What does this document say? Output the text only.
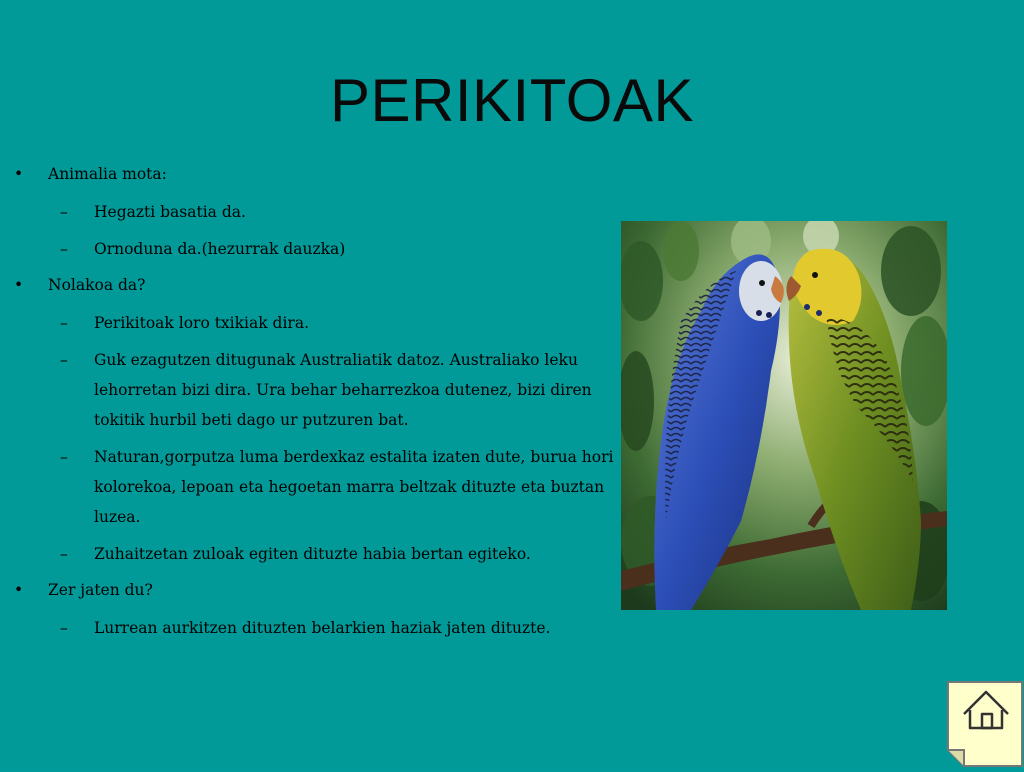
PERIKITOAK
•	Animalia mota:
– Hegazti basatia da.
– Ornoduna da.(hezurrak dauzka)
•	Nolakoa da?
– Perikitoak loro txikiak dira.
– Guk ezagutzen ditugunak Australiatik datoz. Australiako leku lehorretan bizi dira. Ura behar beharrezkoa dutenez, bizi diren tokitik hurbil beti dago ur putzuren bat.
– Naturan,gorputza luma berdexkaz estalita izaten dute, burua hori kolorekoa, lepoan eta hegoetan marra beltzak dituzte eta buztan luzea.
– Zuhaitzetan zuloak egiten dituzte habia bertan egiteko.
•	Zer jaten du?
– Lurrean aurkitzen dituzten belarkien haziak jaten dituzte.
